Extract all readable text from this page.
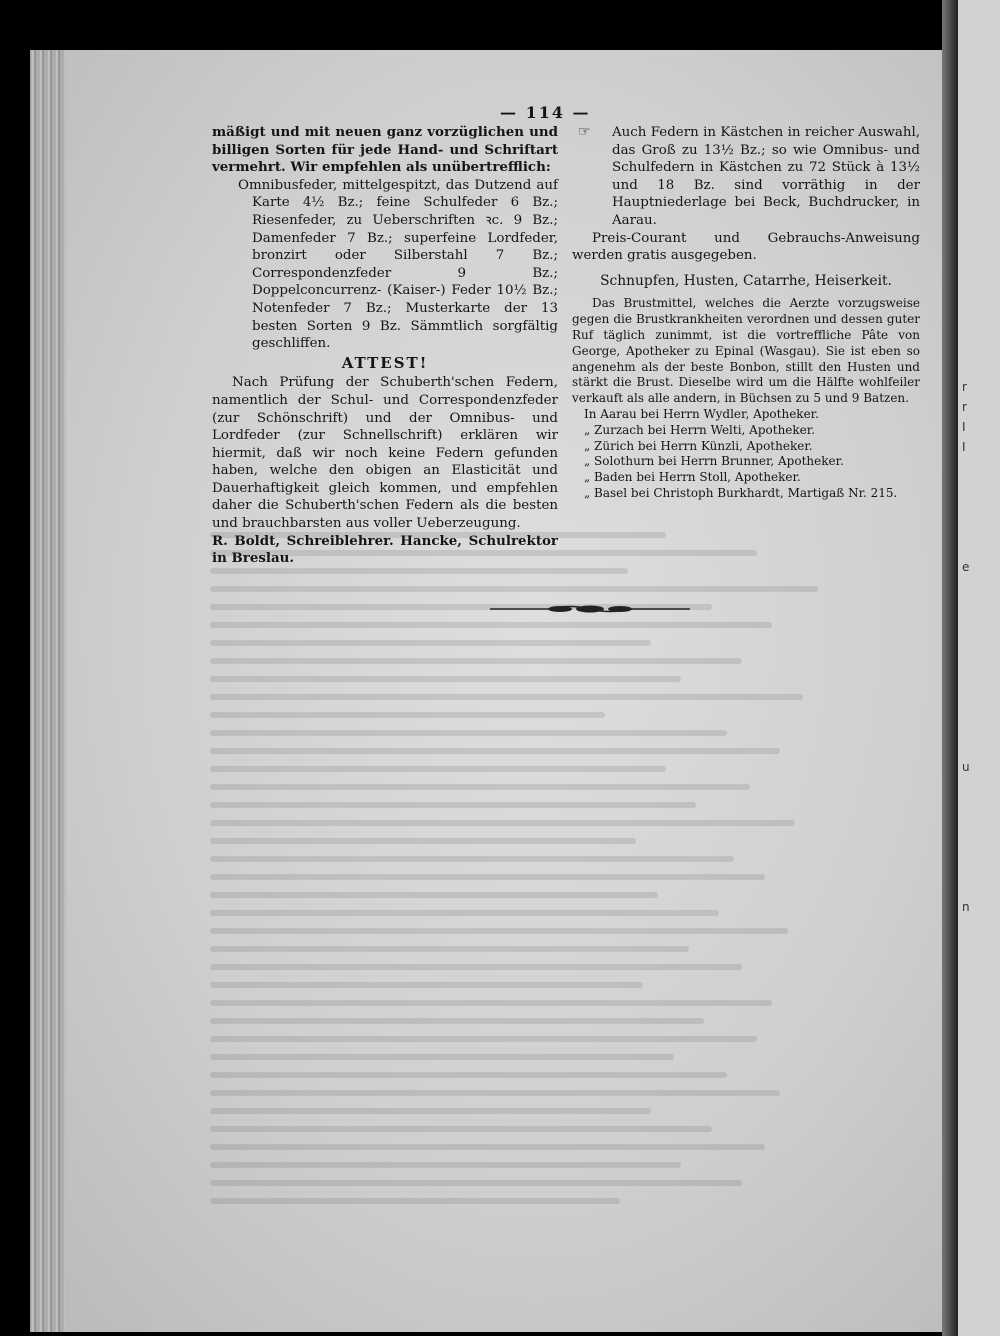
r
r
I
I
e
u
n
— 114 —

mäßigt und mit neuen ganz vorzüglichen und billigen Sorten für jede Hand- und Schriftart vermehrt. Wir empfehlen als unübertrefflich:

Omnibusfeder, mittelgespitzt, das Dutzend auf Karte 4½ Bz.; feine Schulfeder 6 Bz.; Riesenfeder, zu Ueberschriften ꝛc. 9 Bz.; Damenfeder 7 Bz.; superfeine Lordfeder, bronzirt oder Silberstahl 7 Bz.; Correspondenzfeder 9 Bz.; Doppelconcurrenz- (Kaiser-) Feder 10½ Bz.; Notenfeder 7 Bz.; Musterkarte der 13 besten Sorten 9 Bz. Sämmtlich sorgfältig geschliffen.

ATTEST!

Nach Prüfung der Schuberth'schen Federn, namentlich der Schul- und Correspondenzfeder (zur Schönschrift) und der Omnibus- und Lordfeder (zur Schnellschrift) erklären wir hiermit, daß wir noch keine Federn gefunden haben, welche den obigen an Elasticität und Dauerhaftigkeit gleich kommen, und empfehlen daher die Schuberth'schen Federn als die besten und brauchbarsten aus voller Ueberzeugung.

R. Boldt, Schreiblehrer. Hancke, Schulrektor in Breslau.

☞	Auch Federn in Kästchen in reicher Auswahl, das Groß zu 13½ Bz.; so wie Omnibus- und Schulfedern in Kästchen zu 72 Stück à 13½ und 18 Bz. sind vorräthig in der Hauptniederlage bei Beck, Buchdrucker, in Aarau.

Preis-Courant und Gebrauchs-Anweisung werden gratis ausgegeben.

Schnupfen, Husten, Catarrhe, Heiserkeit.

Das Brustmittel, welches die Aerzte vorzugsweise gegen die Brustkrankheiten verordnen und dessen guter Ruf täglich zunimmt, ist die vortreffliche Pâte von George, Apotheker zu Epinal (Wasgau). Sie ist eben so angenehm als der beste Bonbon, stillt den Husten und stärkt die Brust. Dieselbe wird um die Hälfte wohlfeiler verkauft als alle andern, in Büchsen zu 5 und 9 Batzen.

In Aarau bei Herrn Wydler, Apotheker.

„ Zurzach bei Herrn Welti, Apotheker.

„ Zürich bei Herrn Künzli, Apotheker.

„ Solothurn bei Herrn Brunner, Apotheker.

„ Baden bei Herrn Stoll, Apotheker.

„ Basel bei Christoph Burkhardt, Martigaß Nr. 215.
